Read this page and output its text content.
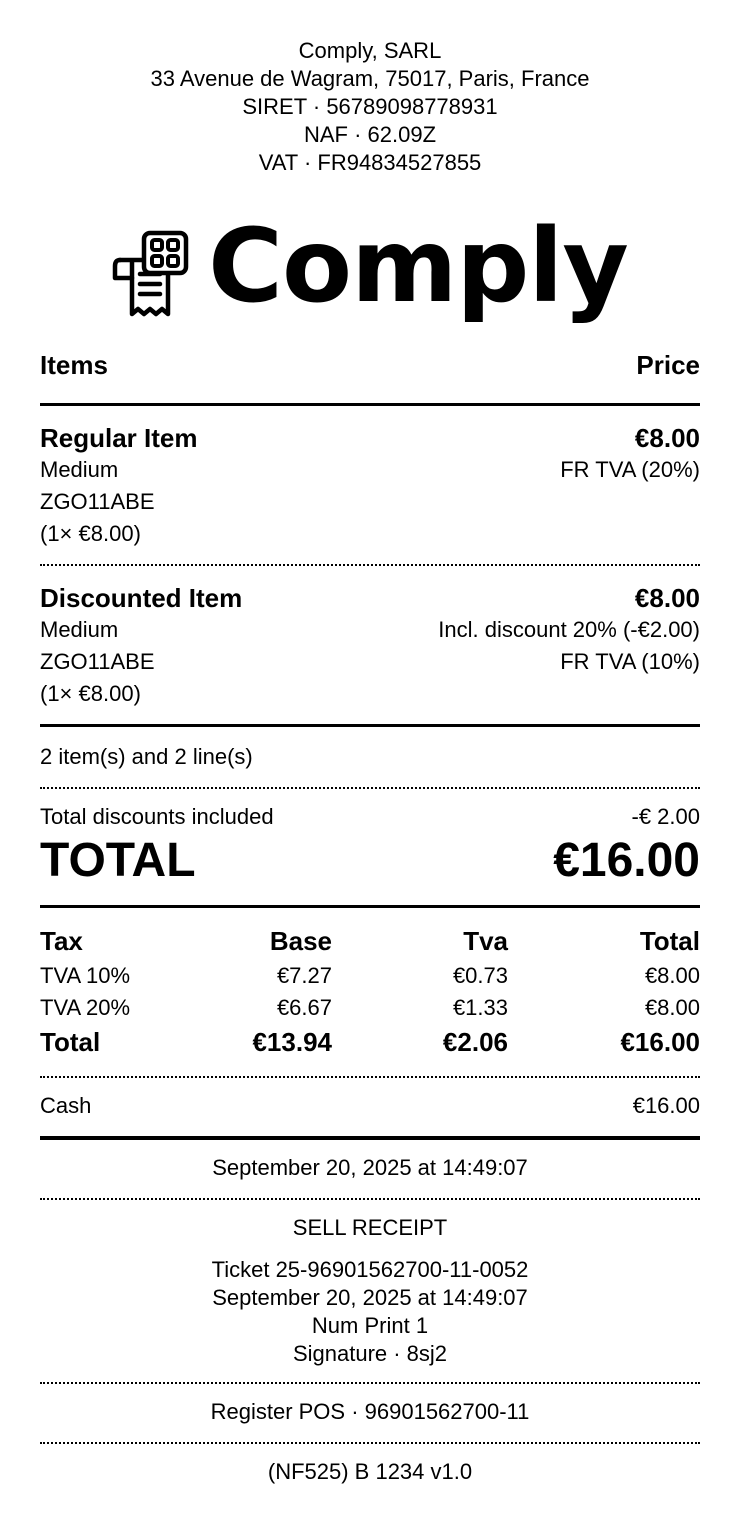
Comply, SARL
33 Avenue de Wagram, 75017, Paris, France
SIRET · 56789098778931
NAF · 62.09Z
VAT · FR94834527855
Comply
Items	Price
Regular Item	€8.00
Medium	FR TVA (20%)
ZGO11ABE
(1× €8.00)
Discounted Item	€8.00
Medium	Incl. discount 20% (-€2.00)
ZGO11ABE	FR TVA (10%)
(1× €8.00)
2 item(s) and 2 line(s)
Total discounts included	-€ 2.00
TOTAL	€16.00
Tax	Base	Tva	Total
TVA 10%	€7.27	€0.73	€8.00
TVA 20%	€6.67	€1.33	€8.00
Total	€13.94	€2.06	€16.00
Cash	€16.00
September 20, 2025 at 14:49:07
SELL RECEIPT
Ticket 25-96901562700-11-0052
September 20, 2025 at 14:49:07
Num Print 1
Signature · 8sj2
Register POS · 96901562700-11
(NF525) B 1234 v1.0
